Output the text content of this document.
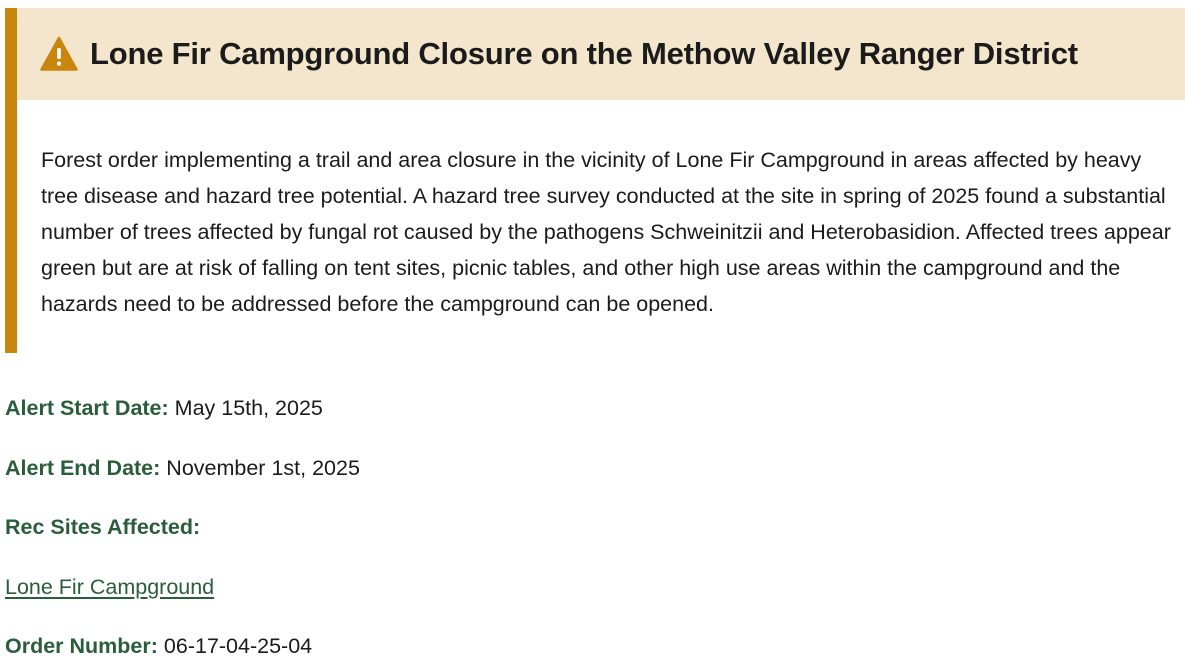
Lone Fir Campground Closure on the Methow Valley Ranger District

Forest order implementing a trail and area closure in the vicinity of Lone Fir Campground in areas affected by heavy tree disease and hazard tree potential. A hazard tree survey conducted at the site in spring of 2025 found a substantial number of trees affected by fungal rot caused by the pathogens Schweinitzii and Heterobasidion. Affected trees appear green but are at risk of falling on tent sites, picnic tables, and other high use areas within the campground and the hazards need to be addressed before the campground can be opened.

Alert Start Date: May 15th, 2025
Alert End Date: November 1st, 2025
Rec Sites Affected:
Lone Fir Campground
Order Number: 06-17-04-25-04
